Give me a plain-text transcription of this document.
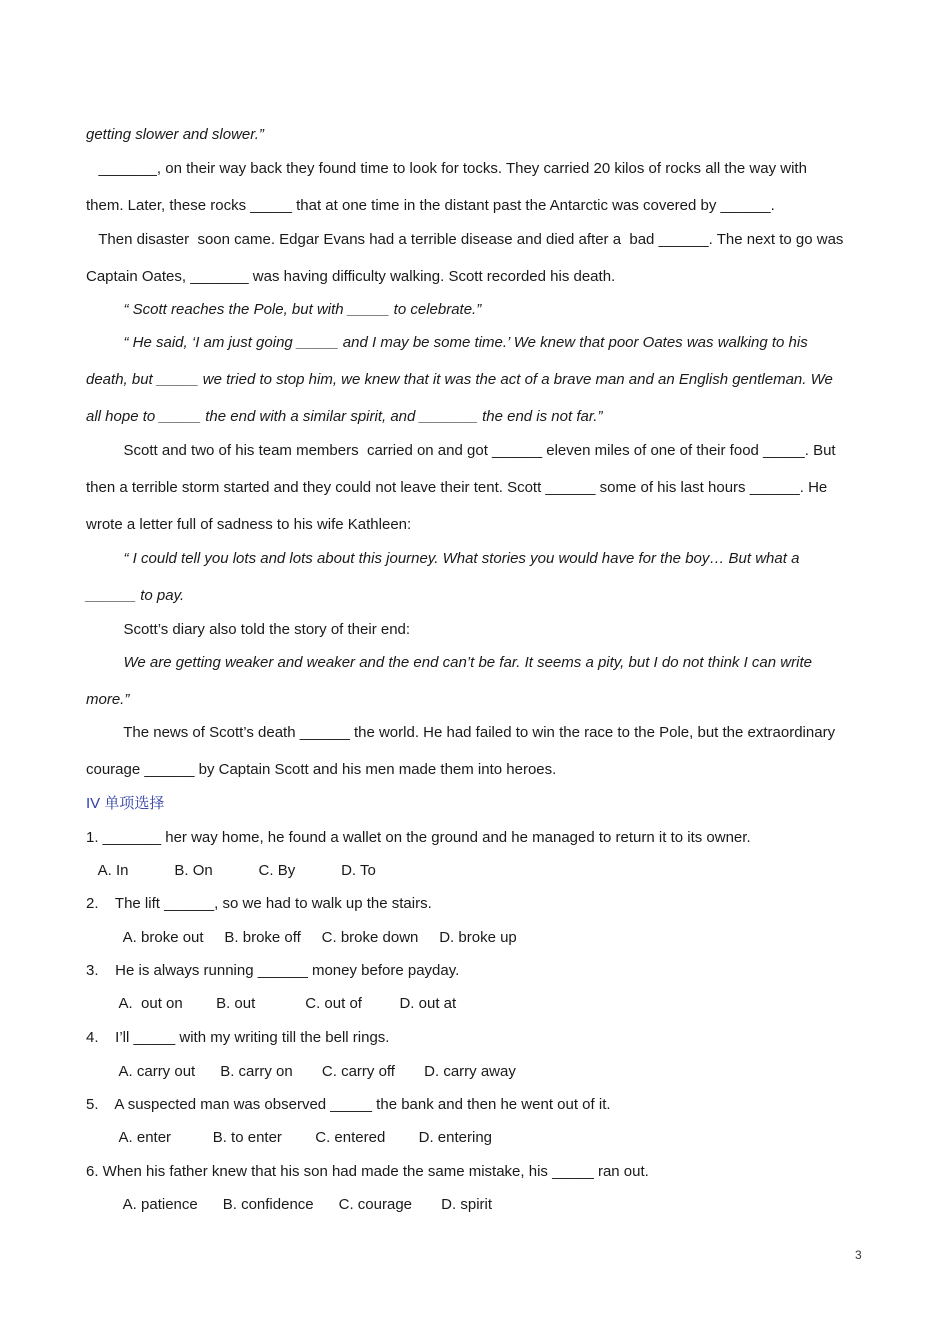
getting slower and slower.”

_______, on their way back they found time to look for tocks. They carried 20 kilos of rocks all the way with

them. Later, these rocks _____ that at one time in the distant past the Antarctic was covered by ______.

Then disaster  soon came. Edgar Evans had a terrible disease and died after a  bad ______. The next to go was

Captain Oates, _______ was having difficulty walking. Scott recorded his death.

“ Scott reaches the Pole, but with _____ to celebrate.”

“ He said, ‘I am just going _____ and I may be some time.’ We knew that poor Oates was walking to his

death, but _____ we tried to stop him, we knew that it was the act of a brave man and an English gentleman. We

all hope to _____ the end with a similar spirit, and _______ the end is not far.”

Scott and two of his team members  carried on and got ______ eleven miles of one of their food _____. But

then a terrible storm started and they could not leave their tent. Scott ______ some of his last hours ______. He

wrote a letter full of sadness to his wife Kathleen:

“ I could tell you lots and lots about this journey. What stories you would have for the boy… But what a

______ to pay.

Scott’s diary also told the story of their end:

We are getting weaker and weaker and the end can’t be far. It seems a pity, but I do not think I can write

more.”

The news of Scott’s death ______ the world. He had failed to win the race to the Pole, but the extraordinary

courage ______ by Captain Scott and his men made them into heroes.

IV 单项选择

1. _______ her way home, he found a wallet on the ground and he managed to return it to its owner.

A. In           B. On           C. By           D. To

2.    The lift ______, so we had to walk up the stairs.

A. broke out     B. broke off     C. broke down     D. broke up

3.    He is always running ______ money before payday.

A.  out on        B. out            C. out of         D. out at

4.    I’ll _____ with my writing till the bell rings.

A. carry out      B. carry on       C. carry off       D. carry away

5.    A suspected man was observed _____ the bank and then he went out of it.

A. enter          B. to enter        C. entered        D. entering

6. When his father knew that his son had made the same mistake, his _____ ran out.

A. patience      B. confidence      C. courage       D. spirit

3
